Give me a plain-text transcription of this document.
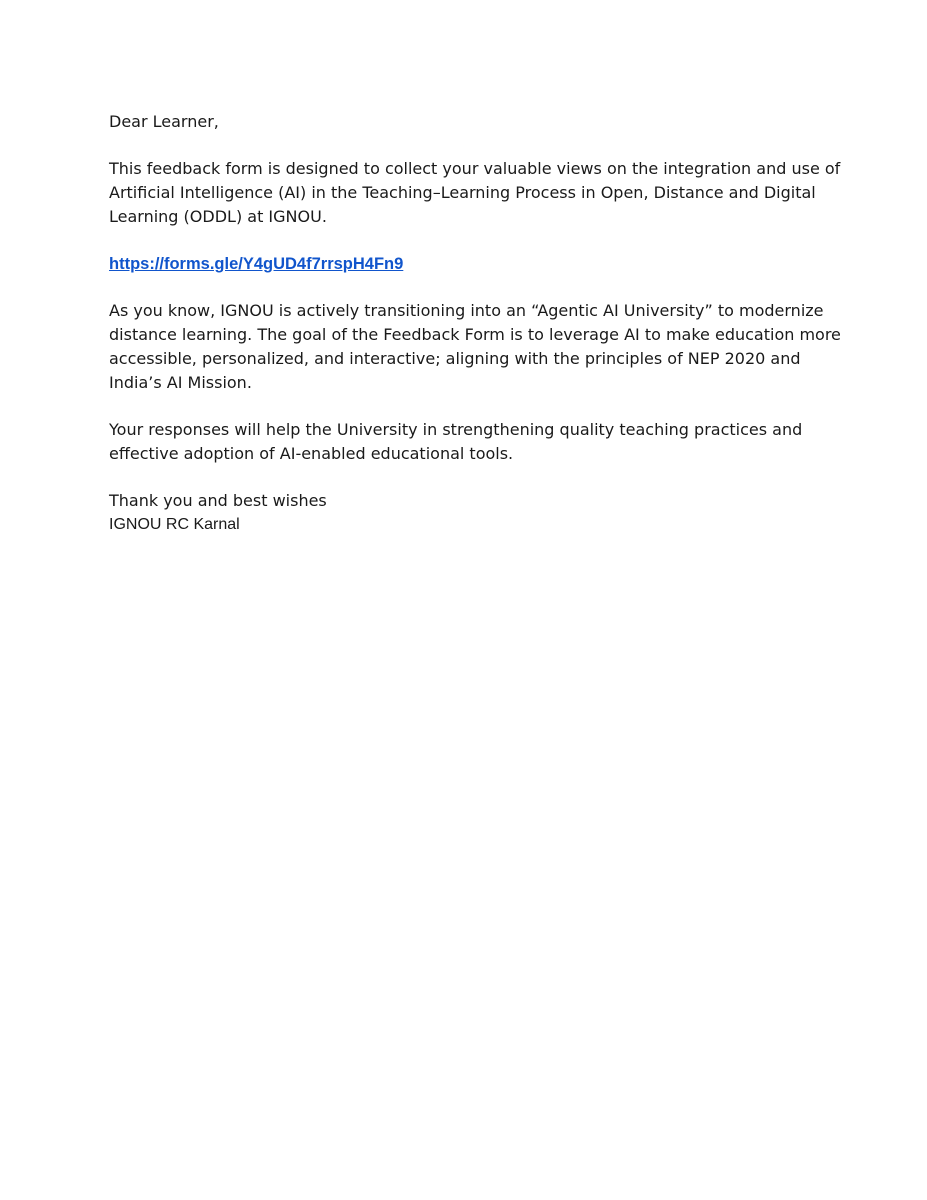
Dear Learner,

This feedback form is designed to collect your valuable views on the integration and use of Artificial Intelligence (AI) in the Teaching–Learning Process in Open, Distance and Digital Learning (ODDL) at IGNOU.

https://forms.gle/Y4gUD4f7rrspH4Fn9

As you know, IGNOU is actively transitioning into an “Agentic AI University” to modernize distance learning. The goal of the Feedback Form is to leverage AI to make education more accessible, personalized, and interactive; aligning with the principles of NEP 2020 and India’s AI Mission.

Your responses will help the University in strengthening quality teaching practices and effective adoption of AI-enabled educational tools.

Thank you and best wishes
IGNOU RC Karnal
